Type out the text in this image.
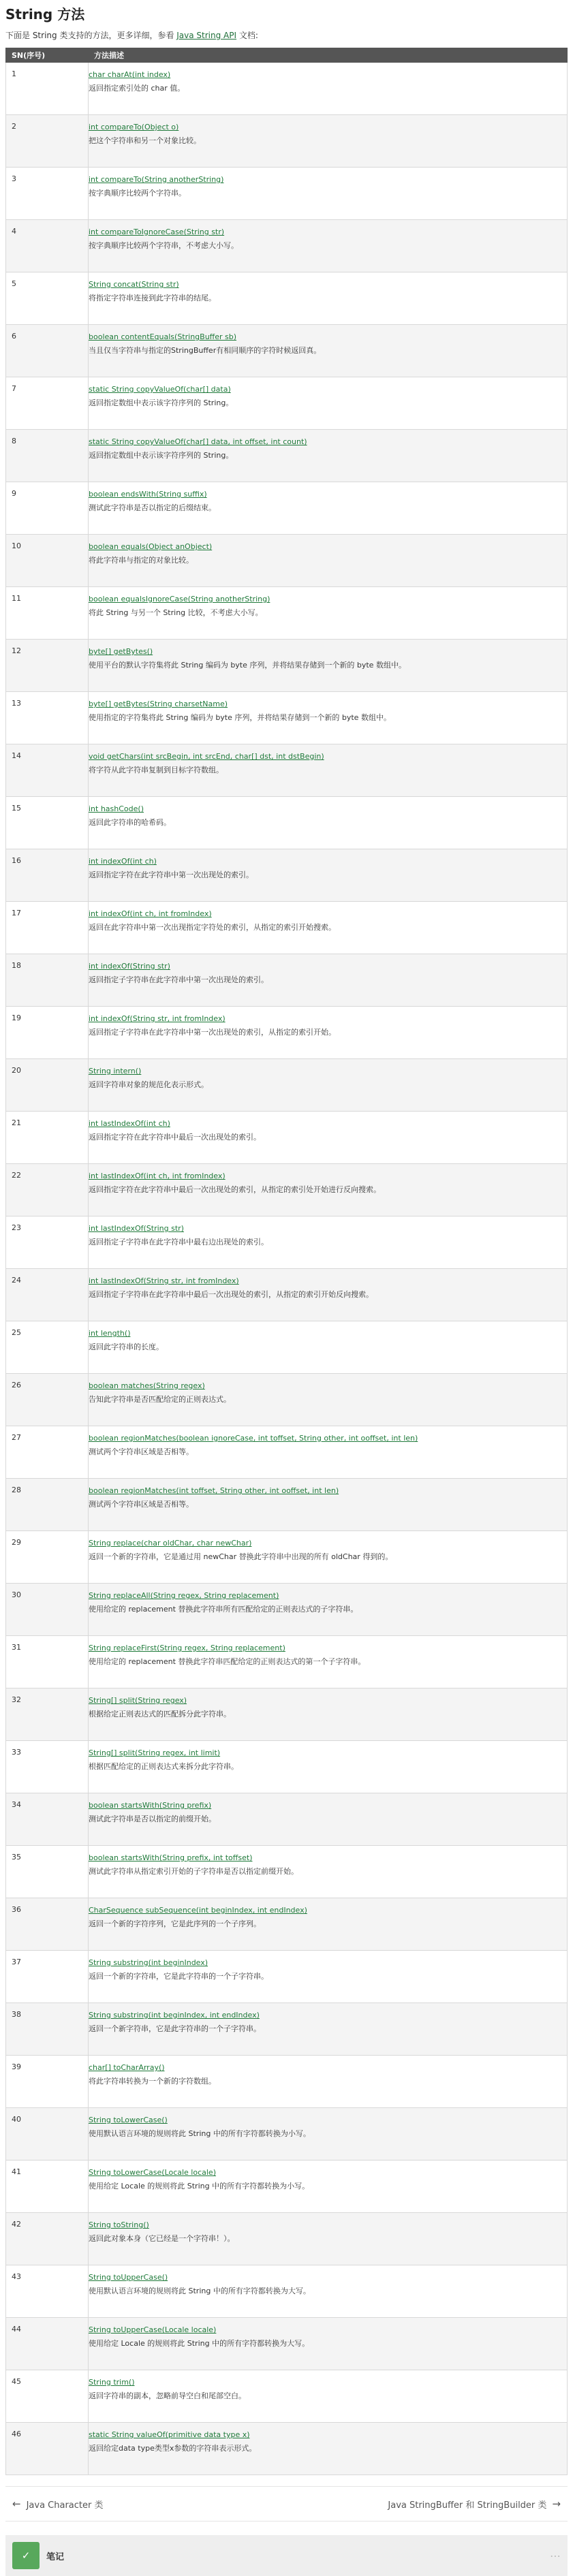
String 方法
下面是 String 类支持的方法，更多详细，参看 Java String API 文档:
SN(序号)	方法描述
1	char charAt(int index)
返回指定索引处的 char 值。

2	int compareTo(Object o)
把这个字符串和另一个对象比较。

3	int compareTo(String anotherString)
按字典顺序比较两个字符串。

4	int compareToIgnoreCase(String str)
按字典顺序比较两个字符串，不考虑大小写。

5	String concat(String str)
将指定字符串连接到此字符串的结尾。

6	boolean contentEquals(StringBuffer sb)
当且仅当字符串与指定的StringBuffer有相同顺序的字符时候返回真。

7	static String copyValueOf(char[] data)
返回指定数组中表示该字符序列的 String。

8	static String copyValueOf(char[] data, int offset, int count)
返回指定数组中表示该字符序列的 String。

9	boolean endsWith(String suffix)
测试此字符串是否以指定的后缀结束。

10	boolean equals(Object anObject)
将此字符串与指定的对象比较。

11	boolean equalsIgnoreCase(String anotherString)
将此 String 与另一个 String 比较，不考虑大小写。

12	byte[] getBytes()
使用平台的默认字符集将此 String 编码为 byte 序列，并将结果存储到一个新的 byte 数组中。

13	byte[] getBytes(String charsetName)
使用指定的字符集将此 String 编码为 byte 序列，并将结果存储到一个新的 byte 数组中。

14	void getChars(int srcBegin, int srcEnd, char[] dst, int dstBegin)
将字符从此字符串复制到目标字符数组。

15	int hashCode()
返回此字符串的哈希码。

16	int indexOf(int ch)
返回指定字符在此字符串中第一次出现处的索引。

17	int indexOf(int ch, int fromIndex)
返回在此字符串中第一次出现指定字符处的索引，从指定的索引开始搜索。

18	int indexOf(String str)
返回指定子字符串在此字符串中第一次出现处的索引。

19	int indexOf(String str, int fromIndex)
返回指定子字符串在此字符串中第一次出现处的索引，从指定的索引开始。

20	String intern()
返回字符串对象的规范化表示形式。

21	int lastIndexOf(int ch)
返回指定字符在此字符串中最后一次出现处的索引。

22	int lastIndexOf(int ch, int fromIndex)
返回指定字符在此字符串中最后一次出现处的索引，从指定的索引处开始进行反向搜索。

23	int lastIndexOf(String str)
返回指定子字符串在此字符串中最右边出现处的索引。

24	int lastIndexOf(String str, int fromIndex)
返回指定子字符串在此字符串中最后一次出现处的索引，从指定的索引开始反向搜索。

25	int length()
返回此字符串的长度。

26	boolean matches(String regex)
告知此字符串是否匹配给定的正则表达式。

27	boolean regionMatches(boolean ignoreCase, int toffset, String other, int ooffset, int len)
测试两个字符串区域是否相等。

28	boolean regionMatches(int toffset, String other, int ooffset, int len)
测试两个字符串区域是否相等。

29	String replace(char oldChar, char newChar)
返回一个新的字符串，它是通过用 newChar 替换此字符串中出现的所有 oldChar 得到的。

30	String replaceAll(String regex, String replacement)
使用给定的 replacement 替换此字符串所有匹配给定的正则表达式的子字符串。

31	String replaceFirst(String regex, String replacement)
使用给定的 replacement 替换此字符串匹配给定的正则表达式的第一个子字符串。

32	String[] split(String regex)
根据给定正则表达式的匹配拆分此字符串。

33	String[] split(String regex, int limit)
根据匹配给定的正则表达式来拆分此字符串。

34	boolean startsWith(String prefix)
测试此字符串是否以指定的前缀开始。

35	boolean startsWith(String prefix, int toffset)
测试此字符串从指定索引开始的子字符串是否以指定前缀开始。

36	CharSequence subSequence(int beginIndex, int endIndex)
返回一个新的字符序列，它是此序列的一个子序列。

37	String substring(int beginIndex)
返回一个新的字符串，它是此字符串的一个子字符串。

38	String substring(int beginIndex, int endIndex)
返回一个新字符串，它是此字符串的一个子字符串。

39	char[] toCharArray()
将此字符串转换为一个新的字符数组。

40	String toLowerCase()
使用默认语言环境的规则将此 String 中的所有字符都转换为小写。

41	String toLowerCase(Locale locale)
使用给定 Locale 的规则将此 String 中的所有字符都转换为小写。

42	String toString()
返回此对象本身（它已经是一个字符串！）。

43	String toUpperCase()
使用默认语言环境的规则将此 String 中的所有字符都转换为大写。

44	String toUpperCase(Locale locale)
使用给定 Locale 的规则将此 String 中的所有字符都转换为大写。

45	String trim()
返回字符串的副本，忽略前导空白和尾部空白。

46	static String valueOf(primitive data type x)
返回给定data type类型x参数的字符串表示形式。
← Java Character 类	Java StringBuffer 和 StringBuilder 类 →
✓	笔记	⋯
